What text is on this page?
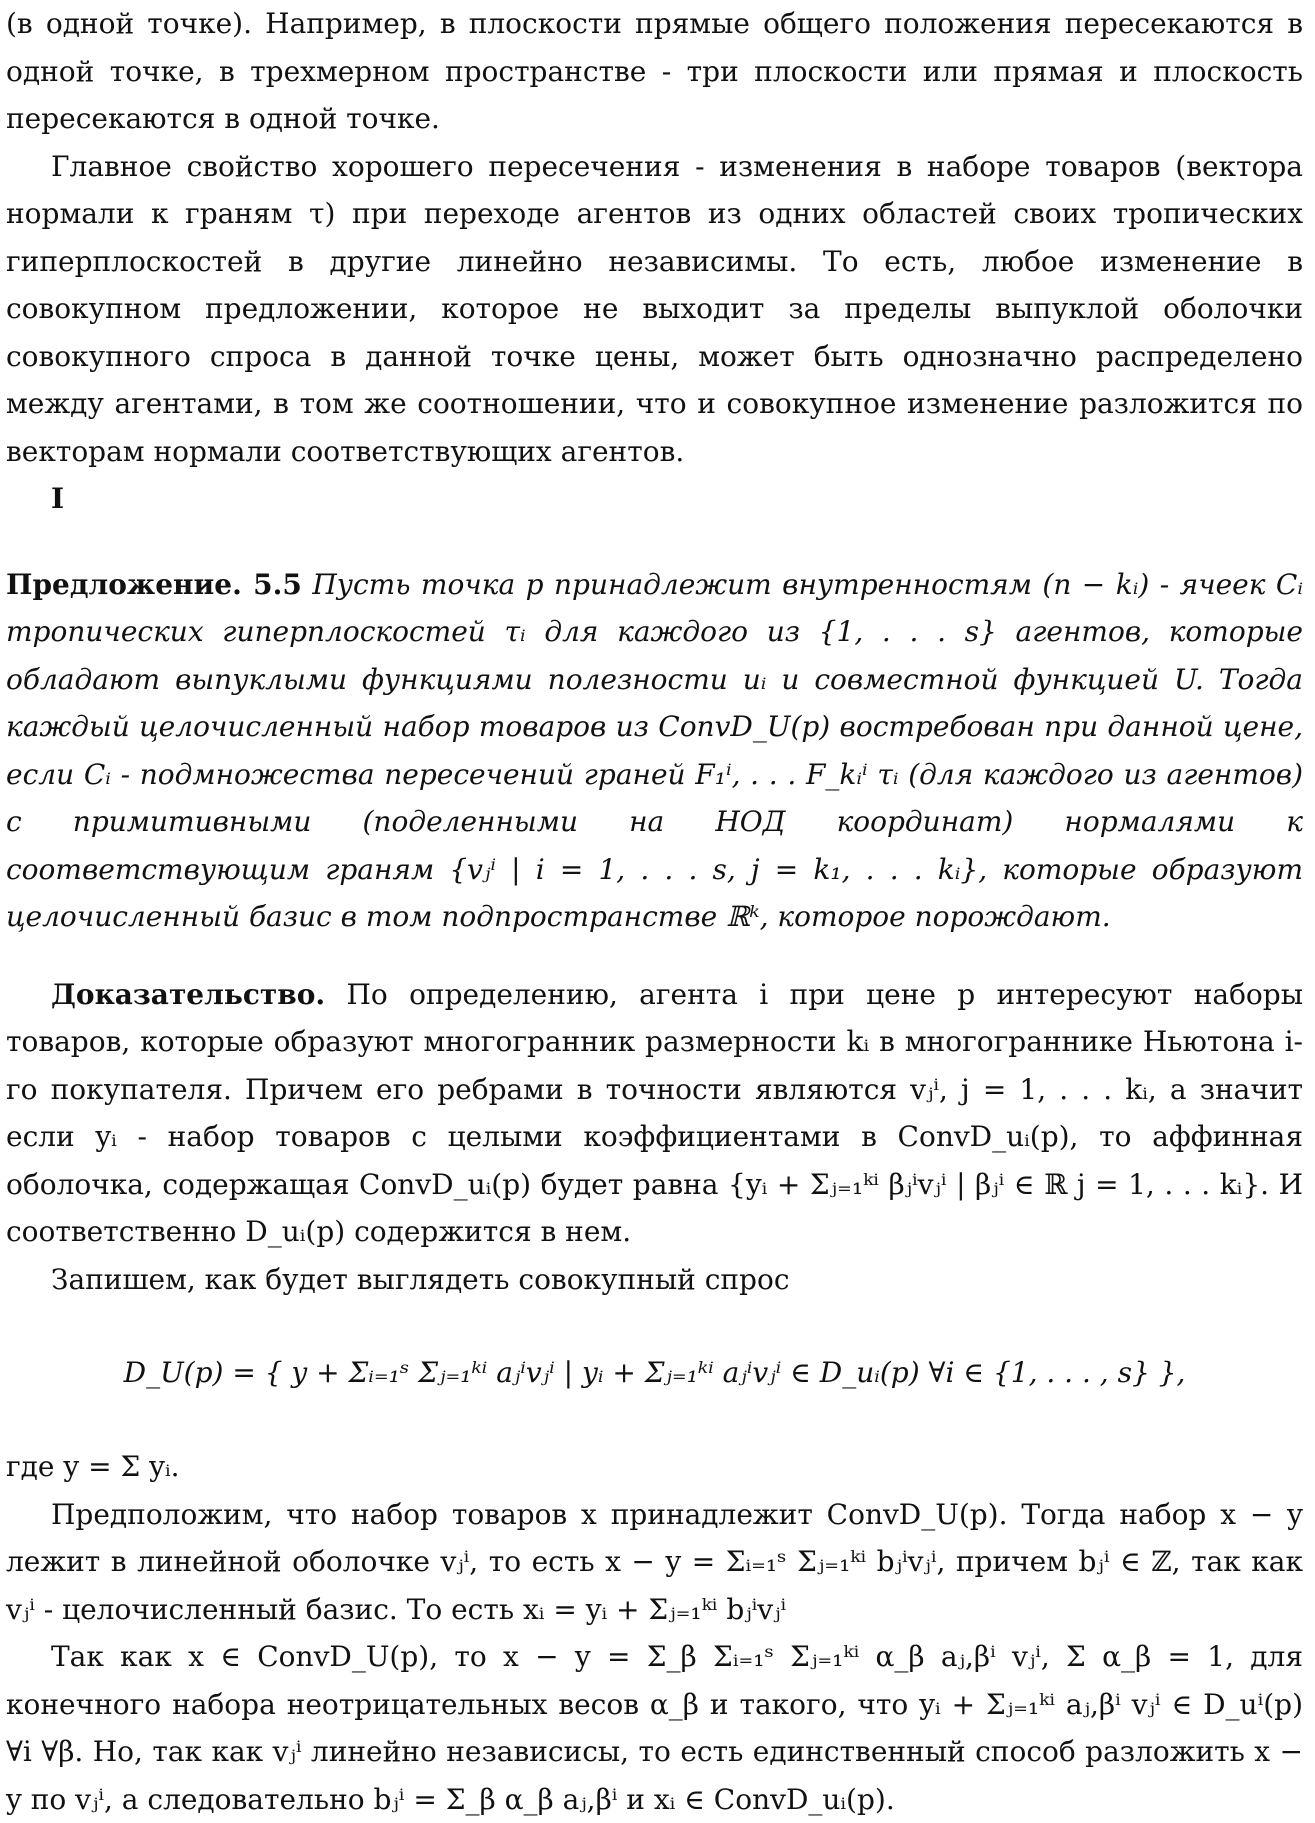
(в одной точке). Например, в плоскости прямые общего положения пересекаются в одной точке, в трехмерном пространстве - три плоскости или прямая и плоскость пересекаются в одной точке.

Главное свойство хорошего пересечения - изменения в наборе товаров (вектора нормали к граням τ) при переходе агентов из одних областей своих тропических гиперплоскостей в другие линейно независимы. То есть, любое изменение в совокупном предложении, которое не выходит за пределы выпуклой оболочки совокупного спроса в данной точке цены, может быть однозначно распределено между агентами, в том же соотношении, что и совокупное изменение разложится по векторам нормали соответствующих агентов.

I

Предложение. 5.5 Пусть точка p принадлежит внутренностям (n − kᵢ) - ячеек Cᵢ тропических гиперплоскостей τᵢ для каждого из {1, . . . s} агентов, которые обладают выпуклыми функциями полезности uᵢ и совместной функцией U. Тогда каждый целочисленный набор товаров из ConvD_U(p) востребован при данной цене, если Cᵢ - подмножества пересечений граней F₁ⁱ, . . . F_kᵢⁱ τᵢ (для каждого из агентов) с примитивными (поделенными на НОД координат) нормалями к соответствующим граням {vⱼⁱ | i = 1, . . . s, j = k₁, . . . kᵢ}, которые образуют целочисленный базис в том подпространстве ℝᵏ, которое порождают.

Доказательство. По определению, агента i при цене p интересуют наборы товаров, которые образуют многогранник размерности kᵢ в многограннике Ньютона i-го покупателя. Причем его ребрами в точности являются vⱼⁱ, j = 1, . . . kᵢ, а значит если yᵢ - набор товаров с целыми коэффициентами в ConvD_uᵢ(p), то аффинная оболочка, содержащая ConvD_uᵢ(p) будет равна {yᵢ + Σⱼ₌₁ᵏⁱ βⱼⁱvⱼⁱ | βⱼⁱ ∈ ℝ j = 1, . . . kᵢ}. И соответственно D_uᵢ(p) содержится в нем.

Запишем, как будет выглядеть совокупный спрос

D_U(p) = { y + Σᵢ₌₁ˢ Σⱼ₌₁ᵏⁱ aⱼⁱvⱼⁱ | yᵢ + Σⱼ₌₁ᵏⁱ aⱼⁱvⱼⁱ ∈ D_uᵢ(p) ∀i ∈ {1, . . . , s} },

где y = Σ yᵢ.

Предположим, что набор товаров x принадлежит ConvD_U(p). Тогда набор x − y лежит в линейной оболочке vⱼⁱ, то есть x − y = Σᵢ₌₁ˢ Σⱼ₌₁ᵏⁱ bⱼⁱvⱼⁱ, причем bⱼⁱ ∈ ℤ, так как vⱼⁱ - целочисленный базис. То есть xᵢ = yᵢ + Σⱼ₌₁ᵏⁱ bⱼⁱvⱼⁱ

Так как x ∈ ConvD_U(p), то x − y = Σ_β Σᵢ₌₁ˢ Σⱼ₌₁ᵏⁱ α_β aⱼ,βⁱ vⱼⁱ, Σ α_β = 1, для конечного набора неотрицательных весов α_β и такого, что yᵢ + Σⱼ₌₁ᵏⁱ aⱼ,βⁱ vⱼⁱ ∈ D_uⁱ(p) ∀i ∀β. Но, так как vⱼⁱ линейно независисы, то есть единственный способ разложить x − y по vⱼⁱ, а следовательно bⱼⁱ = Σ_β α_β aⱼ,βⁱ и xᵢ ∈ ConvD_uᵢ(p).
